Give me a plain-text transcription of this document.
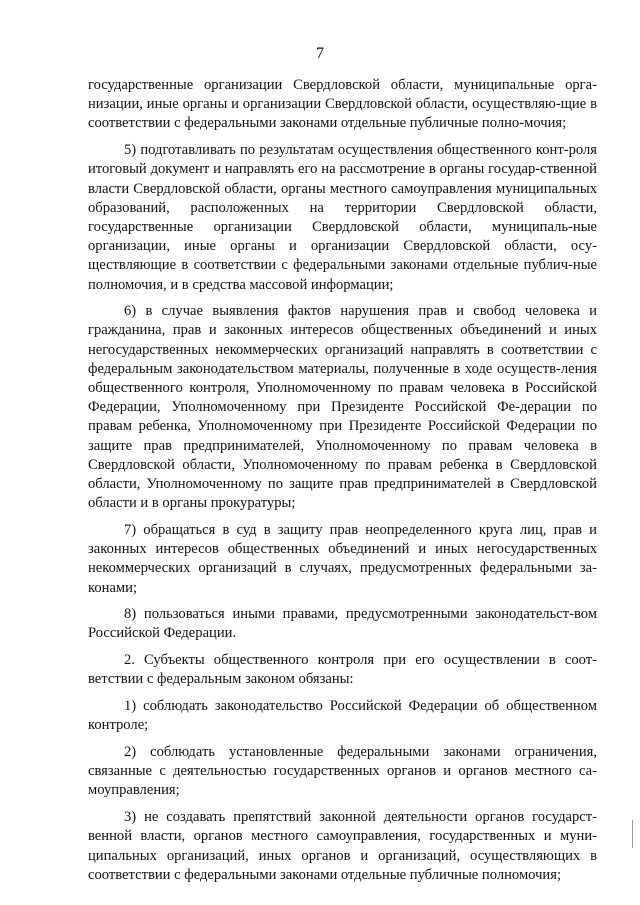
7

государственные организации Свердловской области, муниципальные орга-низации, иные органы и организации Свердловской области, осуществляю-щие в соответствии с федеральными законами отдельные публичные полно-мочия;

5) подготавливать по результатам осуществления общественного конт-роля итоговый документ и направлять его на рассмотрение в органы государ-ственной власти Свердловской области, органы местного самоуправления муниципальных образований, расположенных на территории Свердловской области, государственные организации Свердловской области, муниципаль-ные организации, иные органы и организации Свердловской области, осу-ществляющие в соответствии с федеральными законами отдельные публич-ные полномочия, и в средства массовой информации;

6) в случае выявления фактов нарушения прав и свобод человека и гражданина, прав и законных интересов общественных объединений и иных негосударственных некоммерческих организаций направлять в соответствии с федеральным законодательством материалы, полученные в ходе осуществ-ления общественного контроля, Уполномоченному по правам человека в Российской Федерации, Уполномоченному при Президенте Российской Фе-дерации по правам ребенка, Уполномоченному при Президенте Российской Федерации по защите прав предпринимателей, Уполномоченному по правам человека в Свердловской области, Уполномоченному по правам ребенка в Свердловской области, Уполномоченному по защите прав предпринимателей в Свердловской области и в органы прокуратуры;

7) обращаться в суд в защиту прав неопределенного круга лиц, прав и законных интересов общественных объединений и иных негосударственных некоммерческих организаций в случаях, предусмотренных федеральными за-конами;

8) пользоваться иными правами, предусмотренными законодательст-вом Российской Федерации.

2. Субъекты общественного контроля при его осуществлении в соот-ветствии с федеральным законом обязаны:

1) соблюдать законодательство Российской Федерации об общественном контроле;

2) соблюдать установленные федеральными законами ограничения, связанные с деятельностью государственных органов и органов местного са-моуправления;

3) не создавать препятствий законной деятельности органов государст-венной власти, органов местного самоуправления, государственных и муни-ципальных организаций, иных органов и организаций, осуществляющих в соответствии с федеральными законами отдельные публичные полномочия;
